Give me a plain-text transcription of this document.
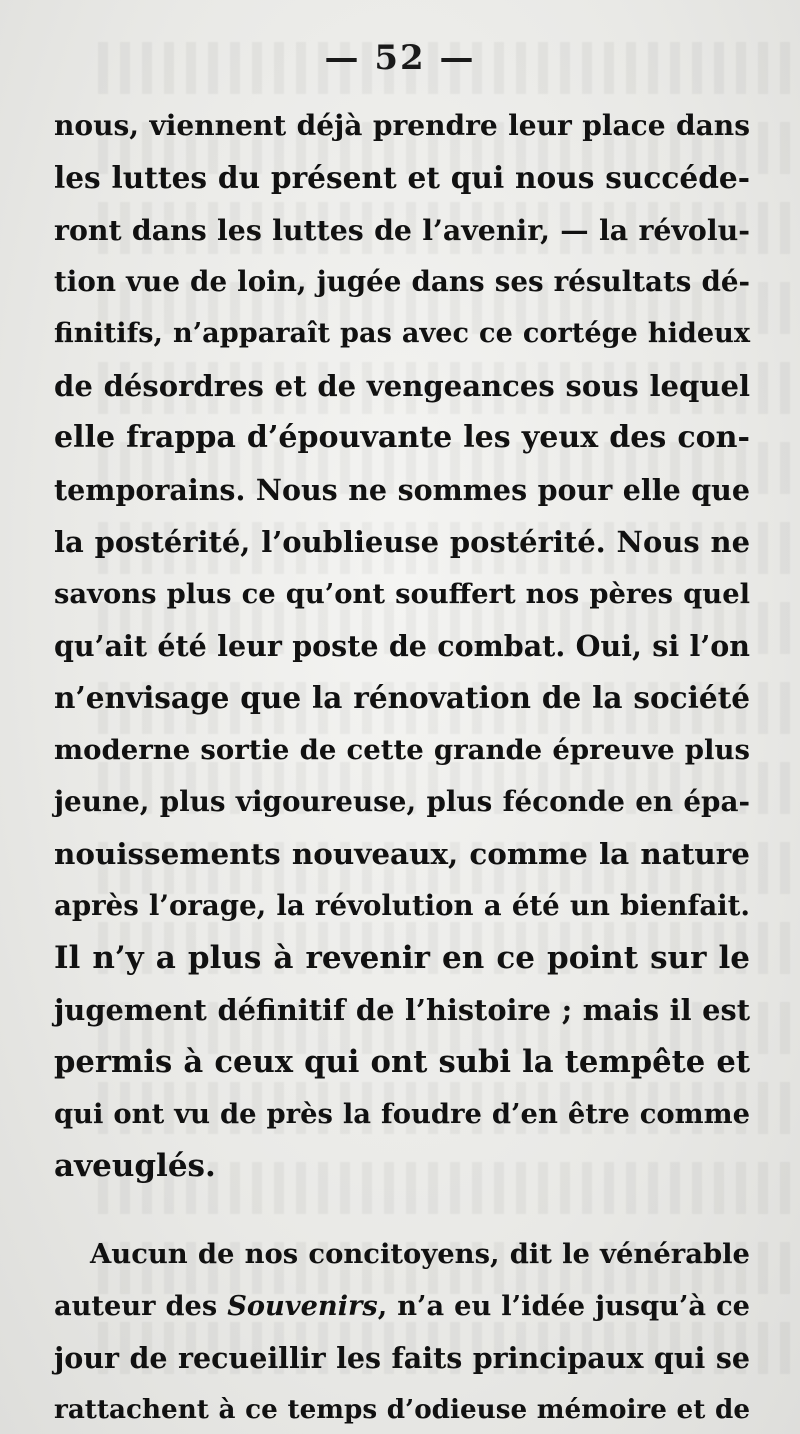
— 52 —
nous, viennent déjà prendre leur place dans
les luttes du présent et qui nous succéde-
ront dans les luttes de l’avenir, — la révolu-
tion vue de loin, jugée dans ses résultats dé-
finitifs, n’apparaît pas avec ce cortége hideux
de désordres et de vengeances sous lequel
elle frappa d’épouvante les yeux des con-
temporains. Nous ne sommes pour elle que
la postérité, l’oublieuse postérité. Nous ne
savons plus ce qu’ont souffert nos pères quel
qu’ait été leur poste de combat. Oui, si l’on
n’envisage que la rénovation de la société
moderne sortie de cette grande épreuve plus
jeune, plus vigoureuse, plus féconde en épa-
nouissements nouveaux, comme la nature
après l’orage, la révolution a été un bienfait.
Il n’y a plus à revenir en ce point sur le
jugement définitif de l’histoire ; mais il est
permis à ceux qui ont subi la tempête et
qui ont vu de près la foudre d’en être comme
aveuglés.
Aucun de nos concitoyens, dit le vénérable
auteur des Souvenirs, n’a eu l’idée jusqu’à ce
jour de recueillir les faits principaux qui se
rattachent à ce temps d’odieuse mémoire et de
